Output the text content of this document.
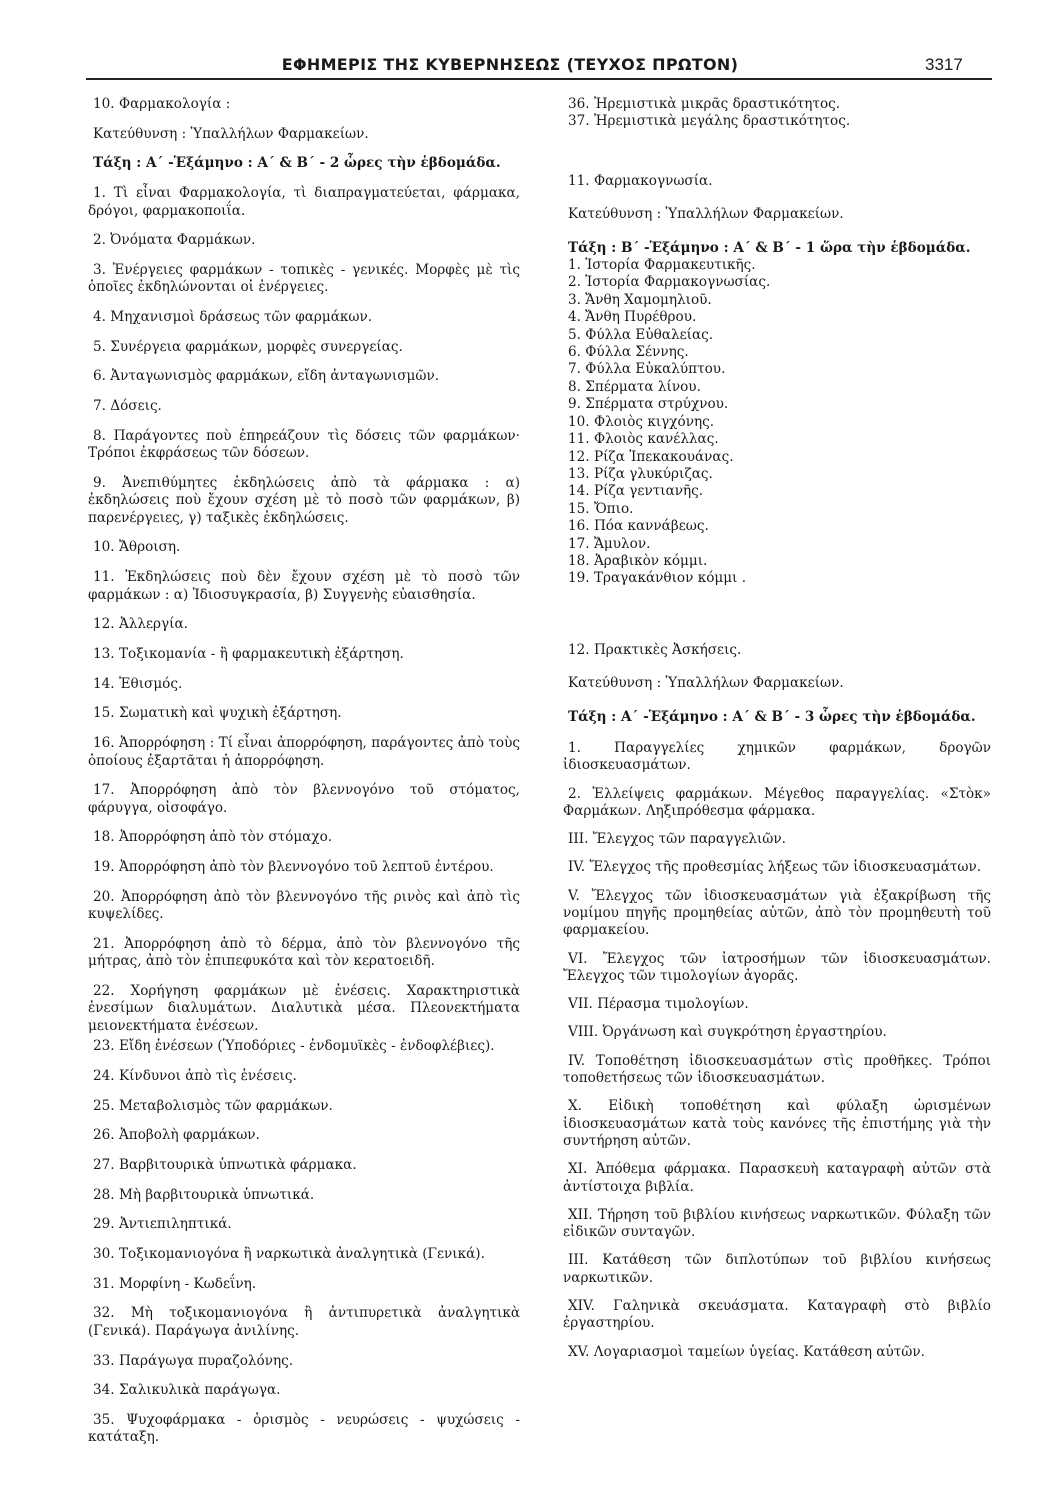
ΕΦΗΜΕΡΙΣ ΤΗΣ ΚΥΒΕΡΝΗΣΕΩΣ (ΤΕΥΧΟΣ ΠΡΩΤΟΝ)	3317

10. Φαρμακολογία :

Κατεύθυνση : Ὑπαλλήλων Φαρμακείων.

Τάξη : Α΄ -Ἑξάμηνο : Α΄ & Β΄ - 2 ὧρες τὴν ἑβδομάδα.

1. Τὶ εἶναι Φαρμακολογία, τὶ διαπραγματεύεται, φάρμακα, δρόγοι, φαρμακοποιΐα.

2. Ὀνόματα Φαρμάκων.

3. Ἐνέργειες φαρμάκων - τοπικὲς - γενικές. Μορφὲς μὲ τὶς ὁποῖες ἐκδηλώνονται οἱ ἐνέργειες.

4. Μηχανισμοὶ δράσεως τῶν φαρμάκων.

5. Συνέργεια φαρμάκων, μορφὲς συνεργείας.

6. Ἀνταγωνισμὸς φαρμάκων, εἴδη ἀνταγωνισμῶν.

7. Δόσεις.

8. Παράγοντες ποὺ ἐπηρεάζουν τὶς δόσεις τῶν φαρμάκων· Τρόποι ἐκφράσεως τῶν δόσεων.

9. Ἀνεπιθύμητες ἐκδηλώσεις ἀπὸ τὰ φάρμακα : α) ἐκδηλώσεις ποὺ ἔχουν σχέση μὲ τὸ ποσὸ τῶν φαρμάκων, β) παρενέργειες, γ) ταξικὲς ἐκδηλώσεις.

10. Ἄθροιση.

11. Ἐκδηλώσεις ποὺ δὲν ἔχουν σχέση μὲ τὸ ποσὸ τῶν φαρμάκων : α) Ἰδιοσυγκρασία, β) Συγγενὴς εὐαισθησία.

12. Ἀλλεργία.

13. Τοξικομανία - ἢ φαρμακευτικὴ ἐξάρτηση.

14. Ἐθισμός.

15. Σωματικὴ καὶ ψυχικὴ ἐξάρτηση.

16. Ἀπορρόφηση : Τί εἶναι ἀπορρόφηση, παράγοντες ἀπὸ τοὺς ὁποίους ἐξαρτᾶται ἡ ἀπορρόφηση.

17. Ἀπορρόφηση ἀπὸ τὸν βλεννογόνο τοῦ στόματος, φάρυγγα, οἰσοφάγο.

18. Ἀπορρόφηση ἀπὸ τὸν στόμαχο.

19. Ἀπορρόφηση ἀπὸ τὸν βλεννογόνο τοῦ λεπτοῦ ἐντέρου.

20. Ἀπορρόφηση ἀπὸ τὸν βλεννογόνο τῆς ρινὸς καὶ ἀπὸ τὶς κυψελίδες.

21. Ἀπορρόφηση ἀπὸ τὸ δέρμα, ἀπὸ τὸν βλεννογόνο τῆς μήτρας, ἀπὸ τὸν ἐπιπεφυκότα καὶ τὸν κερατοειδῆ.

22. Χορήγηση φαρμάκων μὲ ἐνέσεις. Χαρακτηριστικὰ ἐνεσίμων διαλυμάτων. Διαλυτικὰ μέσα. Πλεονεκτήματα μειονεκτήματα ἐνέσεων.

23. Εἴδη ἐνέσεων (Ὑποδόριες - ἐνδομυϊκὲς - ἐνδοφλέβιες).

24. Κίνδυνοι ἀπὸ τὶς ἐνέσεις.

25. Μεταβολισμὸς τῶν φαρμάκων.

26. Ἀποβολὴ φαρμάκων.

27. Βαρβιτουρικὰ ὑπνωτικὰ φάρμακα.

28. Μὴ βαρβιτουρικὰ ὑπνωτικά.

29. Ἀντιεπιληπτικά.

30. Τοξικομανιογόνα ἢ ναρκωτικὰ ἀναλγητικὰ (Γενικά).

31. Μορφίνη - Κωδεΐνη.

32. Μὴ τοξικομανιογόνα ἢ ἀντιπυρετικὰ ἀναλγητικὰ (Γενικά). Παράγωγα ἀνιλίνης.

33. Παράγωγα πυραζολόνης.

34. Σαλικυλικὰ παράγωγα.

35. Ψυχοφάρμακα - ὁρισμὸς - νευρώσεις - ψυχώσεις - κατάταξη.

36. Ἠρεμιστικὰ μικρᾶς δραστικότητος.

37. Ἠρεμιστικὰ μεγάλης δραστικότητος.

11. Φαρμακογνωσία.

Κατεύθυνση : Ὑπαλλήλων Φαρμακείων.

Τάξη : Β΄ -Ἑξάμηνο : Α΄ & Β΄ - 1 ὥρα τὴν ἑβδομάδα.

1. Ἱστορία Φαρμακευτικῆς.

2. Ἱστορία Φαρμακογνωσίας.

3. Ἄνθη Χαμομηλιοῦ.

4. Ἄνθη Πυρέθρου.

5. Φύλλα Εὐθαλείας.

6. Φύλλα Σέννης.

7. Φύλλα Εὐκαλύπτου.

8. Σπέρματα λίνου.

9. Σπέρματα στρύχνου.

10. Φλοιὸς κιγχόνης.

11. Φλοιὸς κανέλλας.

12. Ρίζα Ἰπεκακουάνας.

13. Ρίζα γλυκύριζας.

14. Ρίζα γεντιανῆς.

15. Ὄπιο.

16. Πόα καννάβεως.

17. Ἄμυλον.

18. Ἀραβικὸν κόμμι.

19. Τραγακάνθιον κόμμι .

12. Πρακτικὲς Ἀσκήσεις.

Κατεύθυνση : Ὑπαλλήλων Φαρμακείων.

Τάξη : Α΄ -Ἑξάμηνο : Α΄ & Β΄ - 3 ὧρες τὴν ἑβδομάδα.

1. Παραγγελίες χημικῶν φαρμάκων, δρογῶν ἰδιοσκευασμάτων.

2. Ἐλλείψεις φαρμάκων. Μέγεθος παραγγελίας. «Στὸκ» Φαρμάκων. Ληξιπρόθεσμα φάρμακα.

III. Ἔλεγχος τῶν παραγγελιῶν.

IV. Ἔλεγχος τῆς προθεσμίας λήξεως τῶν ἰδιοσκευασμάτων.

V. Ἔλεγχος τῶν ἰδιοσκευασμάτων γιὰ ἐξακρίβωση τῆς νομίμου πηγῆς προμηθείας αὐτῶν, ἀπὸ τὸν προμηθευτὴ τοῦ φαρμακείου.

VI. Ἔλεγχος τῶν ἰατροσήμων τῶν ἰδιοσκευασμάτων. Ἔλεγχος τῶν τιμολογίων ἀγορᾶς.

VII. Πέρασμα τιμολογίων.

VIII. Ὀργάνωση καὶ συγκρότηση ἐργαστηρίου.

IV. Τοποθέτηση ἰδιοσκευασμάτων στὶς προθῆκες. Τρόποι τοποθετήσεως τῶν ἰδιοσκευασμάτων.

Χ. Εἰδικὴ τοποθέτηση καὶ φύλαξη ὡρισμένων ἰδιοσκευασμάτων κατὰ τοὺς κανόνες τῆς ἐπιστήμης γιὰ τὴν συντήρηση αὐτῶν.

XI. Ἀπόθεμα φάρμακα. Παρασκευὴ καταγραφὴ αὐτῶν στὰ ἀντίστοιχα βιβλία.

XII. Τήρηση τοῦ βιβλίου κινήσεως ναρκωτικῶν. Φύλαξη τῶν εἰδικῶν συνταγῶν.

III. Κατάθεση τῶν διπλοτύπων τοῦ βιβλίου κινήσεως ναρκωτικῶν.

XIV. Γαληνικὰ σκευάσματα. Καταγραφὴ στὸ βιβλίο ἐργαστηρίου.

XV. Λογαριασμοὶ ταμείων ὑγείας. Κατάθεση αὐτῶν.
